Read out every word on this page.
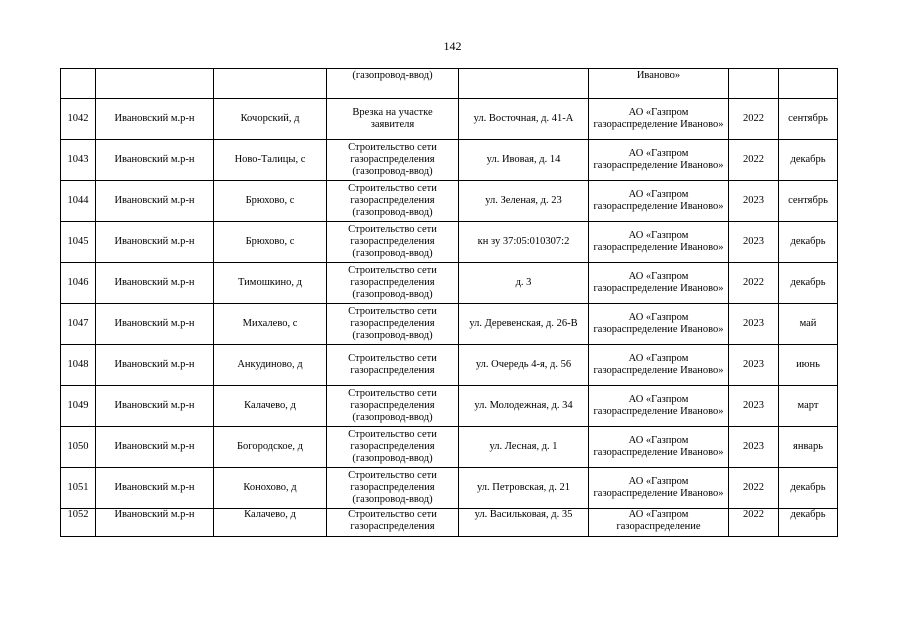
142
			(газопровод-ввод)		Иваново»		
1042	Ивановский м.р-н	Кочорский, д	Врезка на участке заявителя	ул. Восточная, д. 41-А	АО «Газпром газораспределение Иваново»	2022	сентябрь
1043	Ивановский м.р-н	Ново-Талицы, с	Строительство сети газораспределения (газопровод-ввод)	ул. Ивовая, д. 14	АО «Газпром газораспределение Иваново»	2022	декабрь
1044	Ивановский м.р-н	Брюхово, с	Строительство сети газораспределения (газопровод-ввод)	ул. Зеленая, д. 23	АО «Газпром газораспределение Иваново»	2023	сентябрь
1045	Ивановский м.р-н	Брюхово, с	Строительство сети газораспределения (газопровод-ввод)	кн зу 37:05:010307:2	АО «Газпром газораспределение Иваново»	2023	декабрь
1046	Ивановский м.р-н	Тимошкино, д	Строительство сети газораспределения (газопровод-ввод)	д. 3	АО «Газпром газораспределение Иваново»	2022	декабрь
1047	Ивановский м.р-н	Михалево, с	Строительство сети газораспределения (газопровод-ввод)	ул. Деревенская, д. 26-В	АО «Газпром газораспределение Иваново»	2023	май
1048	Ивановский м.р-н	Анкудиново, д	Строительство сети газораспределения	ул. Очередь 4-я, д. 56	АО «Газпром газораспределение Иваново»	2023	июнь
1049	Ивановский м.р-н	Калачево, д	Строительство сети газораспределения (газопровод-ввод)	ул. Молодежная, д. 34	АО «Газпром газораспределение Иваново»	2023	март
1050	Ивановский м.р-н	Богородское, д	Строительство сети газораспределения (газопровод-ввод)	ул. Лесная, д. 1	АО «Газпром газораспределение Иваново»	2023	январь
1051	Ивановский м.р-н	Конохово, д	Строительство сети газораспределения (газопровод-ввод)	ул. Петровская, д. 21	АО «Газпром газораспределение Иваново»	2022	декабрь
1052	Ивановский м.р-н	Калачево, д	Строительство сети газораспределения	ул. Васильковая, д. 35	АО «Газпром газораспределение	2022	декабрь
